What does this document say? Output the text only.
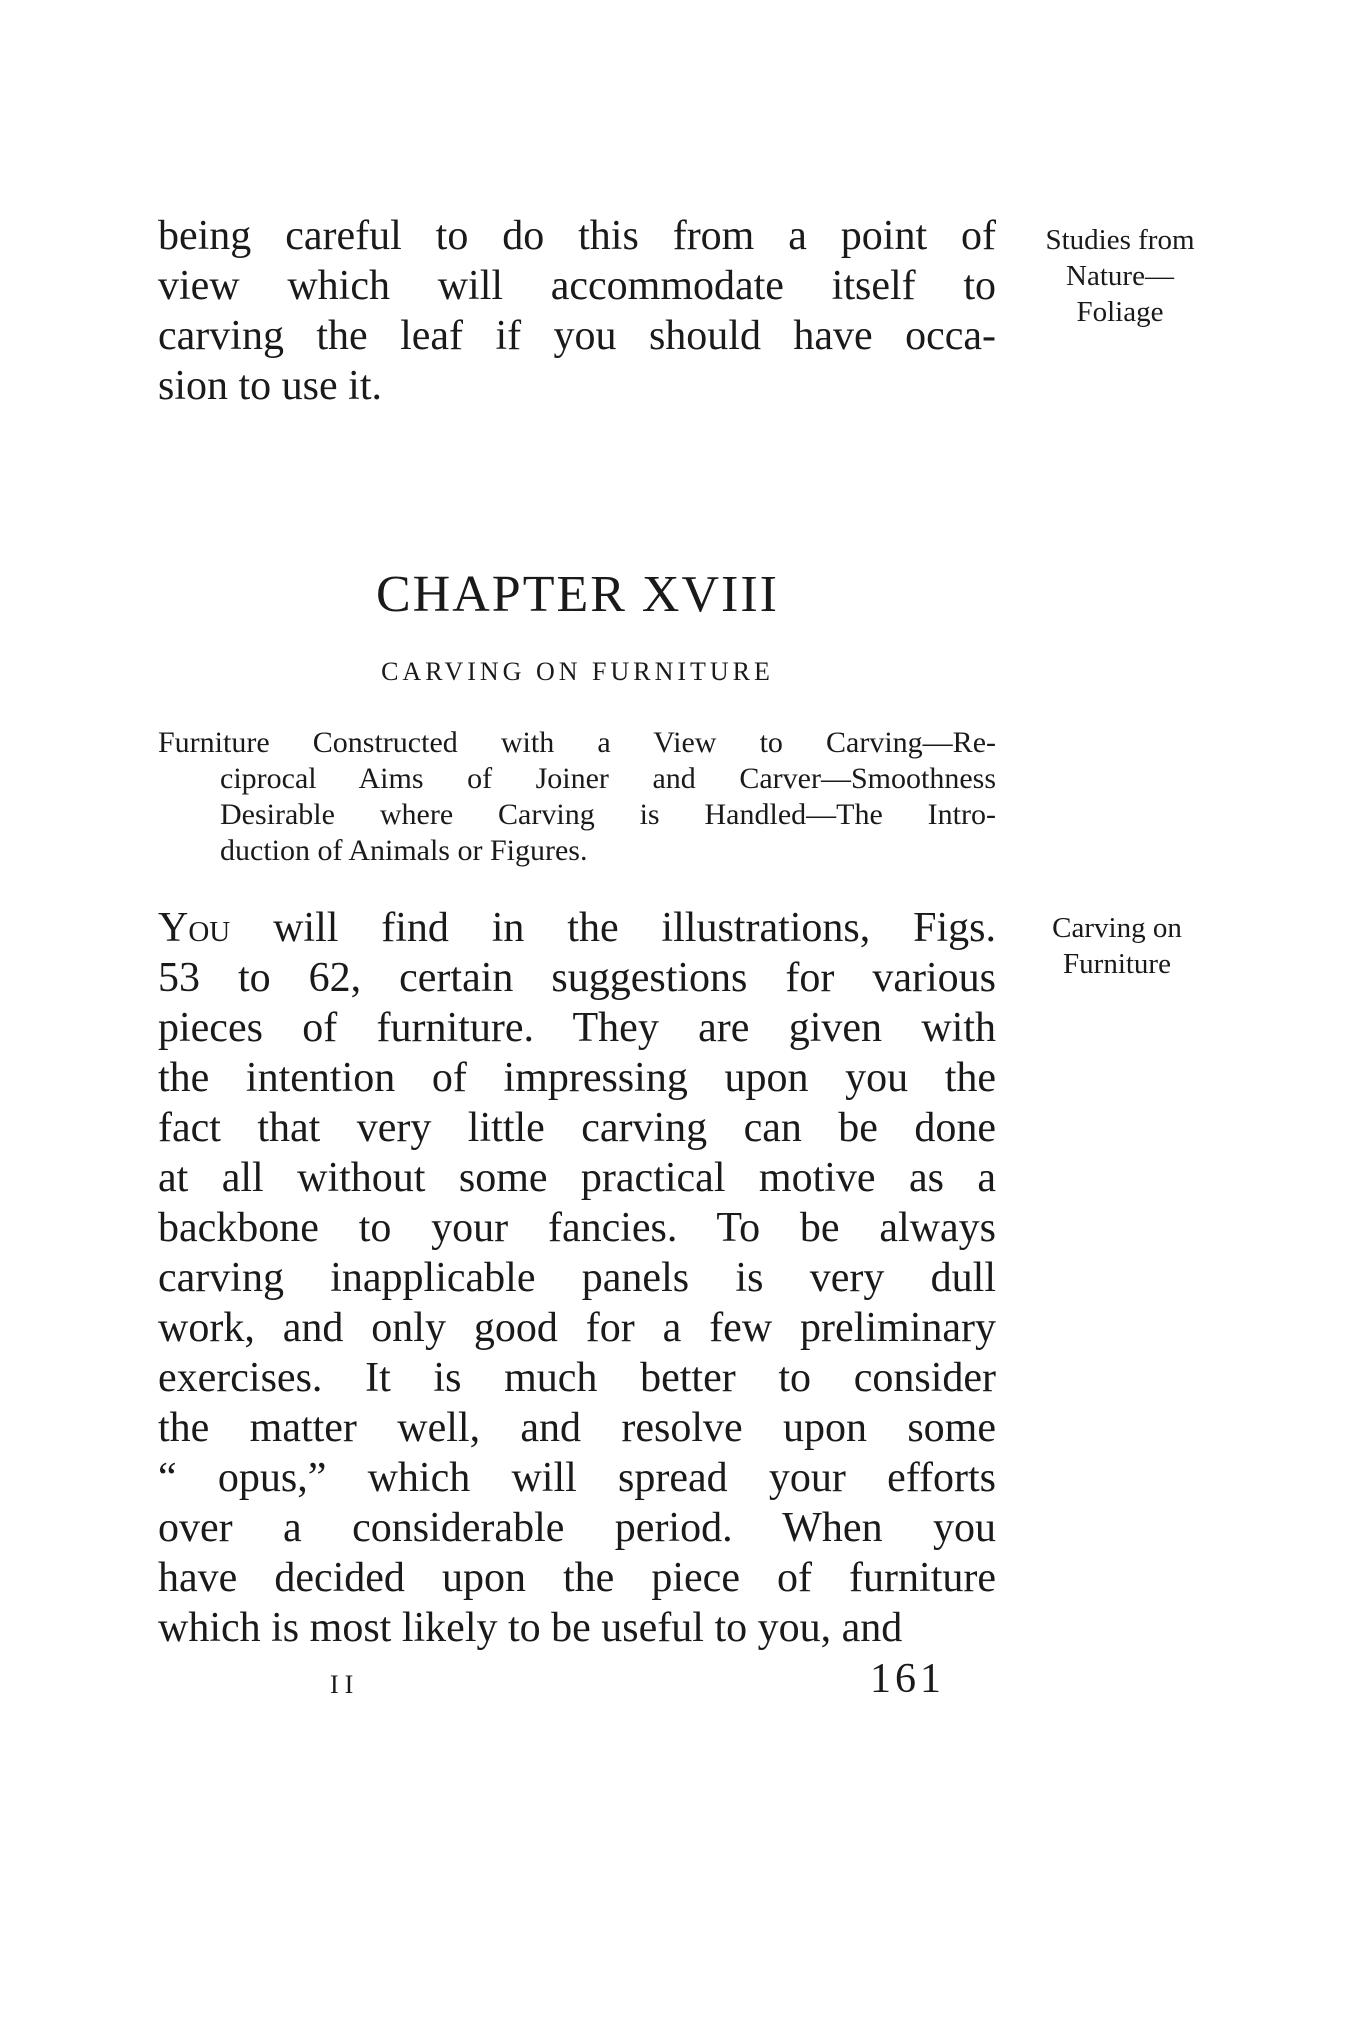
being careful to do this from a point of
view which will accommodate itself to
carving the leaf if you should have occa-
sion to use it.
Studies from
Nature—
Foliage
CHAPTER XVIII
CARVING ON FURNITURE
Furniture Constructed with a View to Carving—Re-
ciprocal Aims of Joiner and Carver—Smoothness
Desirable where Carving is Handled—The Intro-
duction of Animals or Figures.
Carving on
Furniture
You will find in the illustrations, Figs.
53 to 62, certain suggestions for various
pieces of furniture. They are given with
the intention of impressing upon you the
fact that very little carving can be done
at all without some practical motive as a
backbone to your fancies. To be always
carving inapplicable panels is very dull
work, and only good for a few preliminary
exercises. It is much better to consider
the matter well, and resolve upon some
“ opus,” which will spread your efforts
over a considerable period. When you
have decided upon the piece of furniture
which is most likely to be useful to you, and
II	161
